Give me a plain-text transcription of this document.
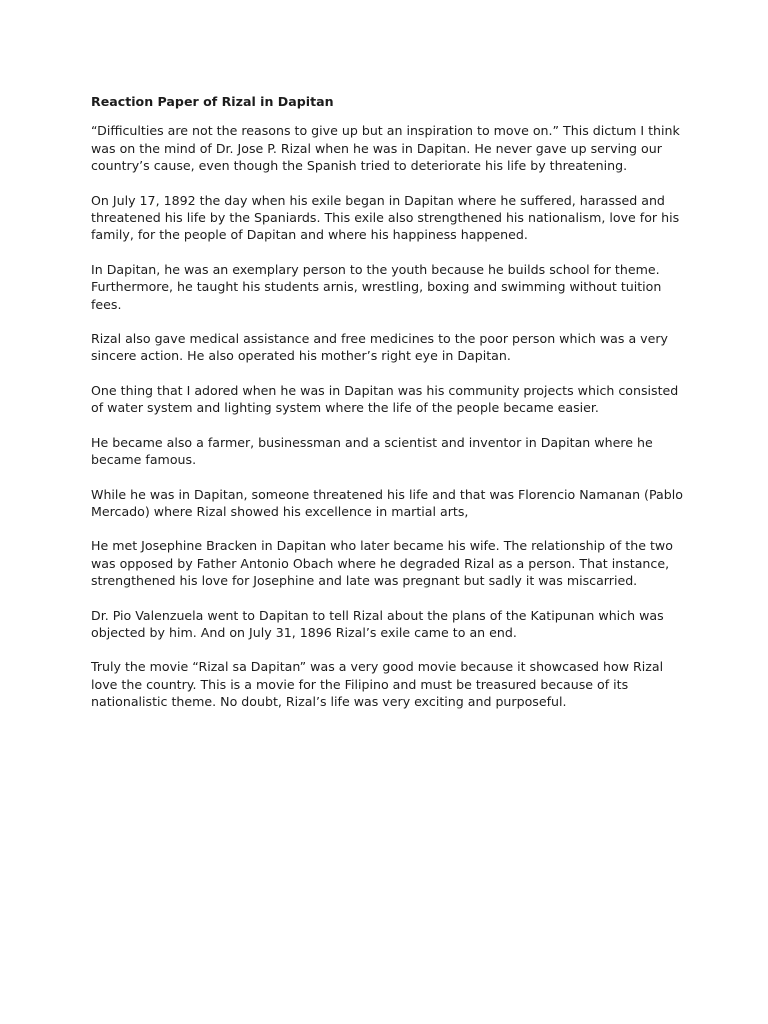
Reaction Paper of Rizal in Dapitan

“Difficulties are not the reasons to give up but an inspiration to move on.” This dictum I think was on the mind of Dr. Jose P. Rizal when he was in Dapitan. He never gave up serving our country’s cause, even though the Spanish tried to deteriorate his life by threatening.

On July 17, 1892 the day when his exile began in Dapitan where he suffered, harassed and threatened his life by the Spaniards. This exile also strengthened his nationalism, love for his family, for the people of Dapitan and where his happiness happened.

In Dapitan, he was an exemplary person to the youth because he builds school for theme. Furthermore, he taught his students arnis, wrestling, boxing and swimming without tuition fees.

Rizal also gave medical assistance and free medicines to the poor person which was a very sincere action. He also operated his mother’s right eye in Dapitan.

One thing that I adored when he was in Dapitan was his community projects which consisted of water system and lighting system where the life of the people became easier.

He became also a farmer, businessman and a scientist and inventor in Dapitan where he became famous.

While he was in Dapitan, someone threatened his life and that was Florencio Namanan (Pablo Mercado) where Rizal showed his excellence in martial arts,

He met Josephine Bracken in Dapitan who later became his wife. The relationship of the two was opposed by Father Antonio Obach where he degraded Rizal as a person. That instance, strengthened his love for Josephine and late was pregnant but sadly it was miscarried.

Dr. Pio Valenzuela went to Dapitan to tell Rizal about the plans of the Katipunan which was objected by him. And on July 31, 1896 Rizal’s exile came to an end.

Truly the movie “Rizal sa Dapitan” was a very good movie because it showcased how Rizal love the country. This is a movie for the Filipino and must be treasured because of its nationalistic theme. No doubt, Rizal’s life was very exciting and purposeful.
